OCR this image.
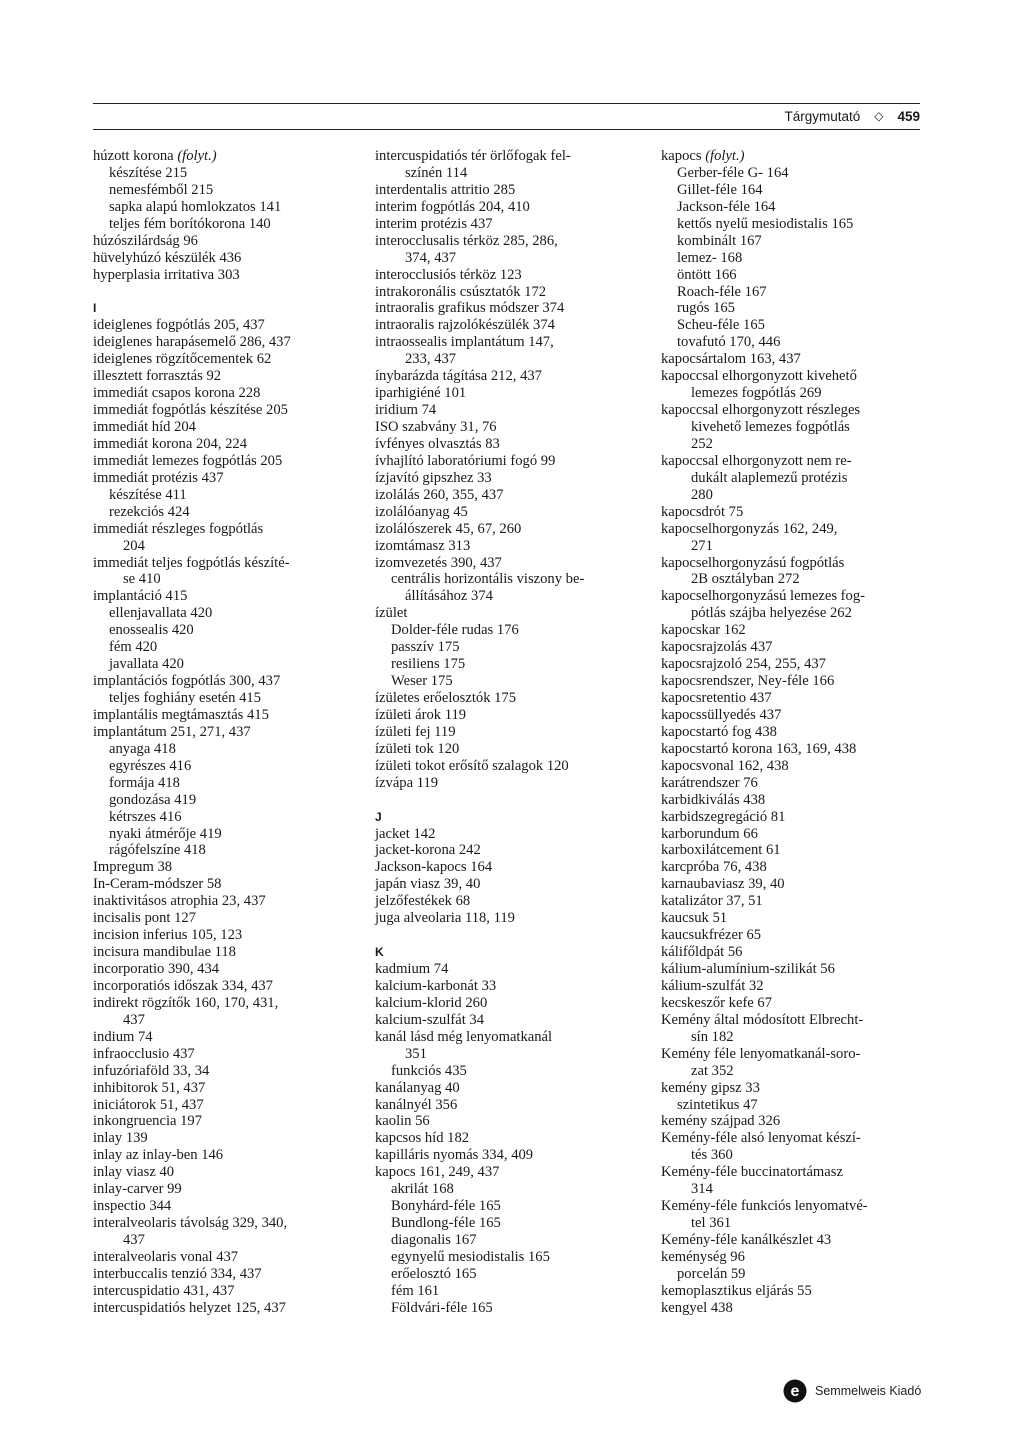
Tárgymutató ◇ 459
húzott korona (folyt.)
készítése 215
nemesfémből 215
sapka alapú homlokzatos 141
teljes fém borítókorona 140
húzószilárdság 96
hüvelyhúzó készülék 436
hyperplasia irritativa 303
I
ideiglenes fogpótlás 205, 437
ideiglenes harapásemelő 286, 437
ideiglenes rögzítőcementek 62
illesztett forrasztás 92
immediát csapos korona 228
immediát fogpótlás készítése 205
immediát híd 204
immediát korona 204, 224
immediát lemezes fogpótlás 205
immediát protézis 437
készítése 411
rezekciós 424
immediát részleges fogpótlás
204
immediát teljes fogpótlás készíté-
se 410
implantáció 415
ellenjavallata 420
enossealis 420
fém 420
javallata 420
implantációs fogpótlás 300, 437
teljes foghiány esetén 415
implantális megtámasztás 415
implantátum 251, 271, 437
anyaga 418
egyrészes 416
formája 418
gondozása 419
kétrszes 416
nyaki átmérője 419
rágófelszíne 418
Impregum 38
In-Ceram-módszer 58
inaktivitásos atrophia 23, 437
incisalis pont 127
incision inferius 105, 123
incisura mandibulae 118
incorporatio 390, 434
incorporatiós időszak 334, 437
indirekt rögzítők 160, 170, 431,
437
indium 74
infraocclusio 437
infuzóriaföld 33, 34
inhibitorok 51, 437
iniciátorok 51, 437
inkongruencia 197
inlay 139
inlay az inlay-ben 146
inlay viasz 40
inlay-carver 99
inspectio 344
interalveolaris távolság 329, 340,
437
interalveolaris vonal 437
interbuccalis tenzió 334, 437
intercuspidatio 431, 437
intercuspidatiós helyzet 125, 437
intercuspidatiós tér örlőfogak fel-
színén 114
interdentalis attritio 285
interim fogpótlás 204, 410
interim protézis 437
interocclusalis térköz 285, 286,
374, 437
interocclusiós térköz 123
intrakoronális csúsztatók 172
intraoralis grafikus módszer 374
intraoralis rajzolókészülék 374
intraossealis implantátum 147,
233, 437
ínybarázda tágítása 212, 437
iparhigiéné 101
iridium 74
ISO szabvány 31, 76
ívfényes olvasztás 83
ívhajlító laboratóriumi fogó 99
ízjavító gipszhez 33
izolálás 260, 355, 437
izolálóanyag 45
izolálószerek 45, 67, 260
izomtámasz 313
izomvezetés 390, 437
centrális horizontális viszony be-
állításához 374
ízület
Dolder-féle rudas 176
passzív 175
resiliens 175
Weser 175
ízületes erőelosztók 175
ízületi árok 119
ízületi fej 119
ízületi tok 120
ízületi tokot erősítő szalagok 120
ízvápa 119
J
jacket 142
jacket-korona 242
Jackson-kapocs 164
japán viasz 39, 40
jelzőfestékek 68
juga alveolaria 118, 119
K
kadmium 74
kalcium-karbonát 33
kalcium-klorid 260
kalcium-szulfát 34
kanál lásd még lenyomatkanál
351
funkciós 435
kanálanyag 40
kanálnyél 356
kaolin 56
kapcsos híd 182
kapilláris nyomás 334, 409
kapocs 161, 249, 437
akrilát 168
Bonyhárd-féle 165
Bundlong-féle 165
diagonalis 167
egynyelű mesiodistalis 165
erőelosztó 165
fém 161
Földvári-féle 165
kapocs (folyt.)
Gerber-féle G- 164
Gillet-féle 164
Jackson-féle 164
kettős nyelű mesiodistalis 165
kombinált 167
lemez- 168
öntött 166
Roach-féle 167
rugós 165
Scheu-féle 165
tovafutó 170, 446
kapocsártalom 163, 437
kapoccsal elhorgonyzott kivehető
lemezes fogpótlás 269
kapoccsal elhorgonyzott részleges
kivehető lemezes fogpótlás
252
kapoccsal elhorgonyzott nem re-
dukált alaplemezű protézis
280
kapocsdrót 75
kapocselhorgonyzás 162, 249,
271
kapocselhorgonyzású fogpótlás
2B osztályban 272
kapocselhorgonyzású lemezes fog-
pótlás szájba helyezése 262
kapocskar 162
kapocsrajzolás 437
kapocsrajzoló 254, 255, 437
kapocsrendszer, Ney-féle 166
kapocsretentio 437
kapocssüllyedés 437
kapocstartó fog 438
kapocstartó korona 163, 169, 438
kapocsvonal 162, 438
karátrendszer 76
karbidkiválás 438
karbidszegregáció 81
karborundum 66
karboxilátcement 61
karcpróba 76, 438
karnaubaviasz 39, 40
katalizátor 37, 51
kaucsuk 51
kaucsukfrézer 65
kálifőldpát 56
kálium-alumínium-szilikát 56
kálium-szulfát 32
kecskeszőr kefe 67
Kemény által módosított Elbrecht-
sín 182
Kemény féle lenyomatkanál-soro-
zat 352
kemény gipsz 33
szintetikus 47
kemény szájpad 326
Kemény-féle alsó lenyomat készí-
tés 360
Kemény-féle buccinatortámasz
314
Kemény-féle funkciós lenyomatvé-
tel 361
Kemény-féle kanálkészlet 43
keménység 96
porcelán 59
kemoplasztikus eljárás 55
kengyel 438
e Semmelweis Kiadó
